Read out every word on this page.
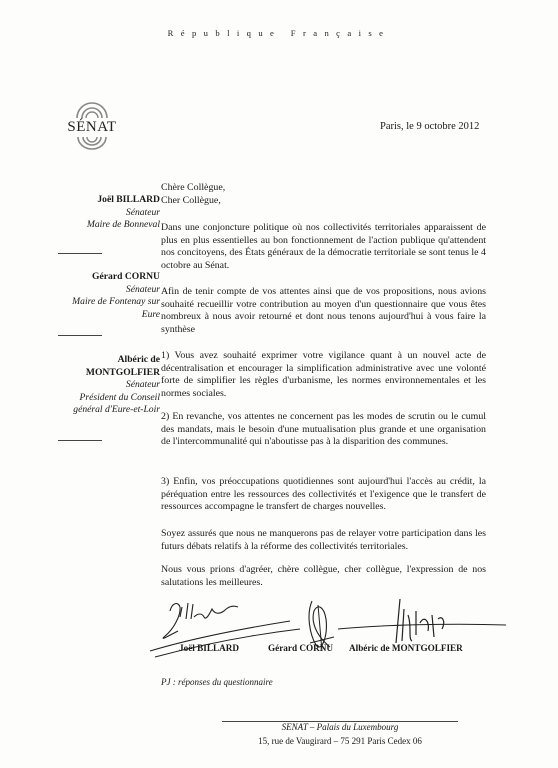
République Française
SÉNAT	Paris, le 9 octobre 2012
Joël BILLARD
Sénateur
Maire de Bonneval
Gérard CORNU
Sénateur
Maire de Fontenay sur
Eure
Albéric de
MONTGOLFIER
Sénateur
Président du Conseil
général d'Eure-et-Loir
Chère Collègue,
Cher Collègue,

Dans une conjoncture politique où nos collectivités territoriales apparaissent de plus en plus essentielles au bon fonctionnement de l'action publique qu'attendent nos concitoyens, des États généraux de la démocratie territoriale se sont tenus le 4 octobre au Sénat.

Afin de tenir compte de vos attentes ainsi que de vos propositions, nous avions souhaité recueillir votre contribution au moyen d'un questionnaire que vous êtes nombreux à nous avoir retourné et dont nous tenons aujourd'hui à vous faire la synthèse

1) Vous avez souhaité exprimer votre vigilance quant à un nouvel acte de décentralisation et encourager la simplification administrative avec une volonté forte de simplifier les règles d'urbanisme, les normes environnementales et les normes sociales.

2) En revanche, vos attentes ne concernent pas les modes de scrutin ou le cumul des mandats, mais le besoin d'une mutualisation plus grande et une organisation de l'intercommunalité qui n'aboutisse pas à la disparition des communes.

3) Enfin, vos préoccupations quotidiennes sont aujourd'hui l'accès au crédit, la péréquation entre les ressources des collectivités et l'exigence que le transfert de ressources accompagne le transfert de charges nouvelles.

Soyez assurés que nous ne manquerons pas de relayer votre participation dans les futurs débats relatifs à la réforme des collectivités territoriales.

Nous vous prions d'agréer, chère collègue, cher collègue, l'expression de nos salutations les meilleures.

Joël BILLARD	Gérard CORNU Albéric de MONTGOLFIER
PJ : réponses du questionnaire
SENAT – Palais du Luxembourg
15, rue de Vaugirard – 75 291 Paris Cedex 06
